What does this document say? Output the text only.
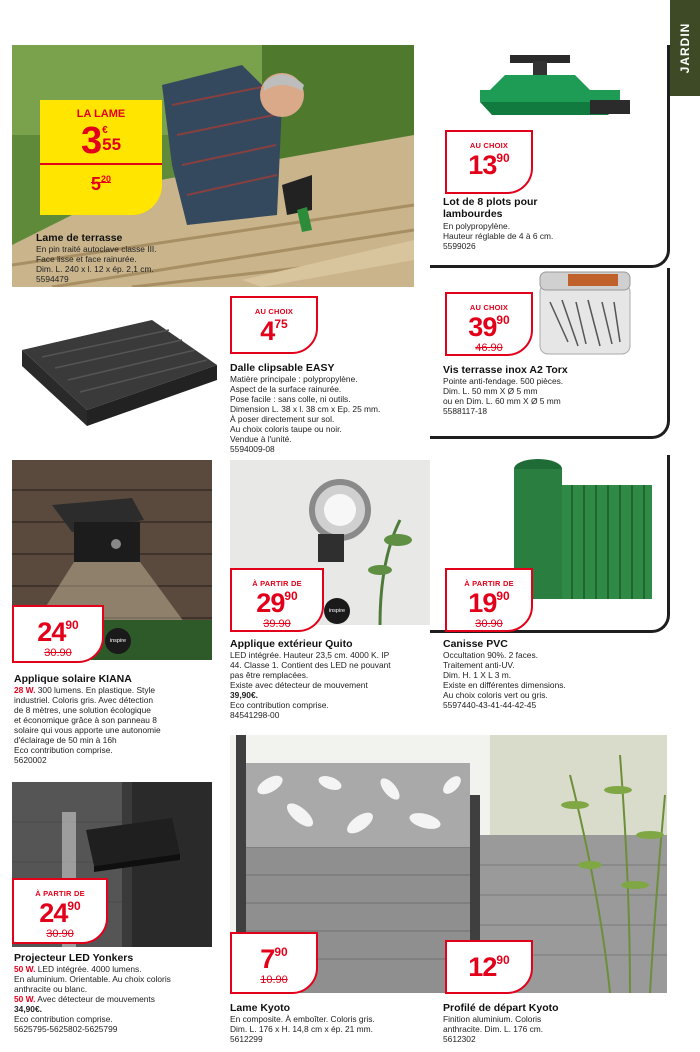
JARDIN
LA LAME
3 €
55
$5^{20}$
Lame de terrasse
En pin traité autoclave classe III.
Face lisse et face rainurée.
Dim. L. 240 x l. 12 x ép. 2,1 cm.
5594479
AU CHOIX
$13^{90}$
Lot de 8 plots pour lambourdes
En polypropylène.
Hauteur réglable de 4 à 6 cm.
5599026
AU CHOIX
$4^{75}$
Dalle clipsable EASY
Matière principale : polypropylène.
Aspect de la surface rainurée.
Pose facile : sans colle, ni outils.
Dimension L. 38 x l. 38 cm x Ep. 25 mm.
À poser directement sur sol.
Au choix coloris taupe ou noir.
Vendue à l'unité.
5594009-08
AU CHOIX
$39^{90}$
46.90
Vis terrasse inox A2 Torx
Pointe anti-fendage. 500 pièces.
Dim. L. 50 mm X Ø 5 mm
ou en Dim. L. 60 mm X Ø 5 mm
5588117-18
$24^{90}$
30.90
inspire
Applique solaire KIANA
28 W. 300 lumens. En plastique. Style
industriel. Coloris gris. Avec détection
de 8 mètres, une solution écologique
et économique grâce à son panneau 8
solaire qui vous apporte une autonomie
d'éclairage de 50 min à 16h
Eco contribution comprise.
5620002
À PARTIR DE
$29^{90}$
39.90
inspire
Applique extérieur Quito
LED intégrée. Hauteur 23,5 cm. 4000 K. IP
44. Classe 1. Contient des LED ne pouvant
pas être remplacées.
Existe avec détecteur de mouvement
39,90€.
Eco contribution comprise.
84541298-00
À PARTIR DE
$19^{90}$
30.90
Canisse PVC
Occultation 90%. 2 faces.
Traitement anti-UV.
Dim. H. 1 X L 3 m.
Existe en différentes dimensions.
Au choix coloris vert ou gris.
5597440-43-41-44-42-45
À PARTIR DE
$24^{90}$
30.90
Projecteur LED Yonkers
50 W. LED intégrée. 4000 lumens.
En aluminium. Orientable. Au choix coloris
anthracite ou blanc.
50 W. Avec détecteur de mouvements
34,90€.
Eco contribution comprise.
5625795-5625802-5625799
$7^{90}$
10.90	$12^{90}$
Lame Kyoto
En composite. À emboîter. Coloris gris.
Dim. L. 176 x H. 14,8 cm x ép. 21 mm.
5612299
Profilé de départ Kyoto
Finition aluminium. Coloris
anthracite. Dim. L. 176 cm.
5612302
